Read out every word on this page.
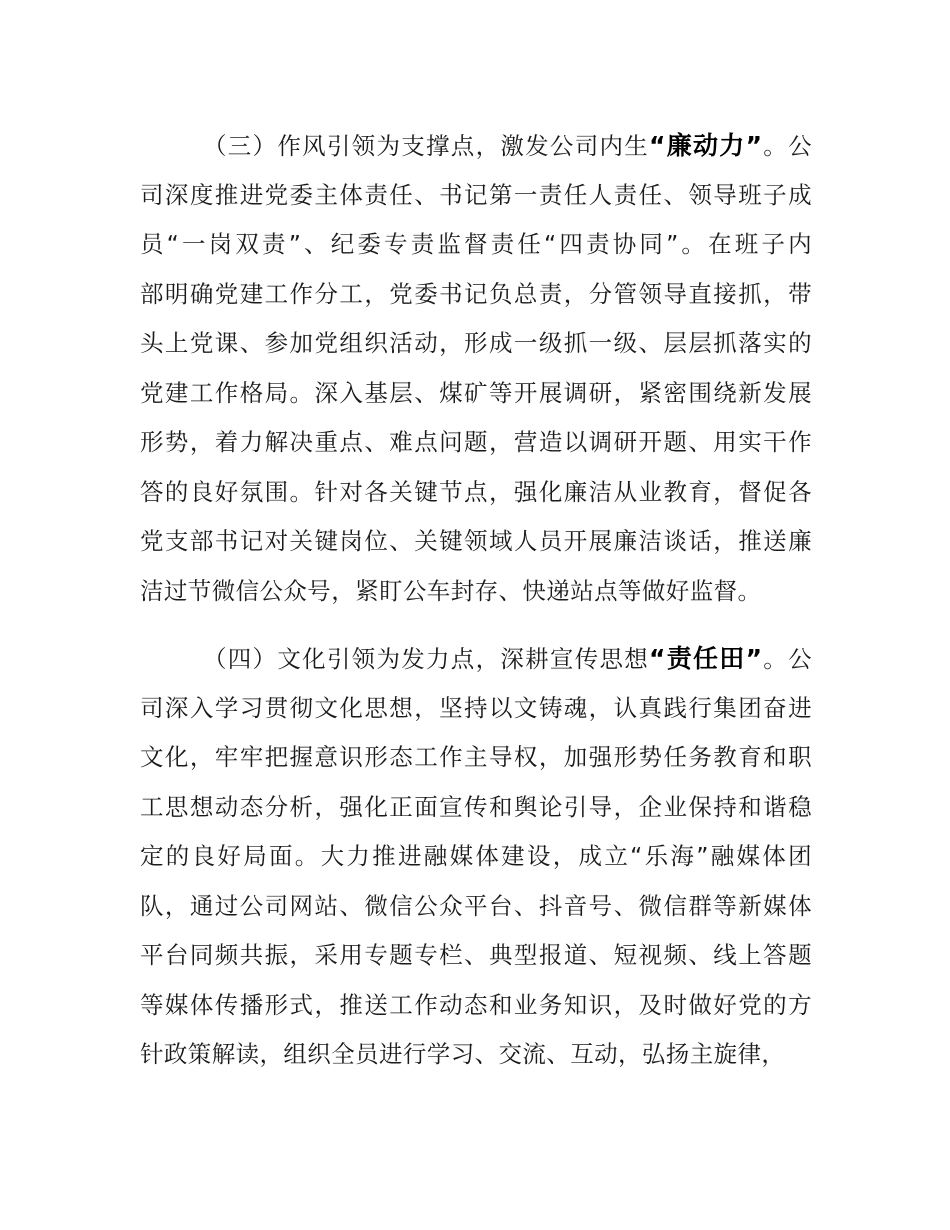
（三）作风引领为支撑点，激发公司内生“廉动力”。公
司深度推进党委主体责任、书记第一责任人责任、领导班子成
员“一岗双责”、纪委专责监督责任“四责协同”。在班子内
部明确党建工作分工，党委书记负总责，分管领导直接抓，带
头上党课、参加党组织活动，形成一级抓一级、层层抓落实的
党建工作格局。深入基层、煤矿等开展调研，紧密围绕新发展
形势，着力解决重点、难点问题，营造以调研开题、用实干作
答的良好氛围。针对各关键节点，强化廉洁从业教育，督促各
党支部书记对关键岗位、关键领域人员开展廉洁谈话，推送廉
洁过节微信公众号，紧盯公车封存、快递站点等做好监督。
（四）文化引领为发力点，深耕宣传思想“责任田”。公
司深入学习贯彻文化思想，坚持以文铸魂，认真践行集团奋进
文化，牢牢把握意识形态工作主导权，加强形势任务教育和职
工思想动态分析，强化正面宣传和舆论引导，企业保持和谐稳
定的良好局面。大力推进融媒体建设，成立“乐海”融媒体团
队，通过公司网站、微信公众平台、抖音号、微信群等新媒体
平台同频共振，采用专题专栏、典型报道、短视频、线上答题
等媒体传播形式，推送工作动态和业务知识，及时做好党的方
针政策解读，组织全员进行学习、交流、互动，弘扬主旋律，
